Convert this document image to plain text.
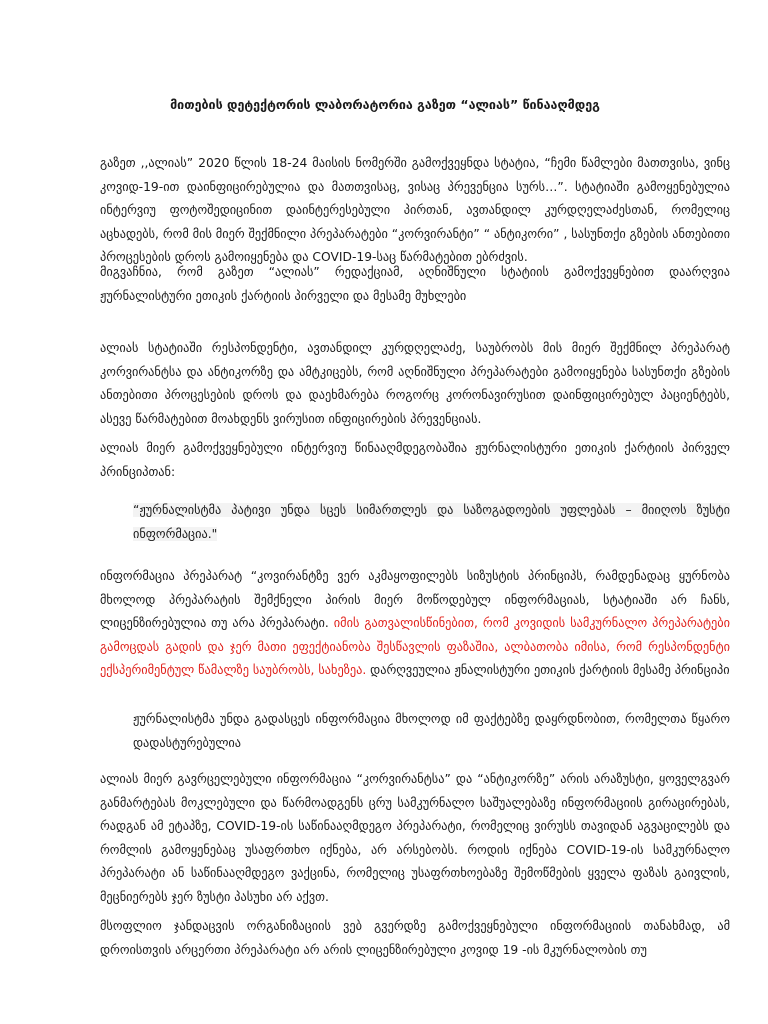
მითების დეტექტორის ლაბორატორია გაზეთ “ალიას” წინააღმდეგ
გაზეთ ,,ალიას” 2020 წლის 18-24 მაისის ნომერში გამოქვეყნდა სტატია, “ჩემი წამლები მათთვისა, ვინც კოვიდ-19-ით დაინფიცირებულია და მათთვისაც, ვისაც პრევენცია სურს…”. სტატიაში გამოყენებულია ინტერვიუ ფოტოშედიცინით დაინტერესებული პირთან, ავთანდილ კურდღელაძესთან, რომელიც აცხადებს, რომ მის მიერ შექმნილი პრეპარატები “კორვირანტი” “ ანტიკორი” , სასუნთქი გზების ანთებითი პროცესების დროს გამოიყენება და COVID-19-საც წარმატებით ებრძვის.
მიგვაჩნია, რომ გაზეთ “ალიას” რედაქციამ, აღნიშნული სტატიის გამოქვეყნებით დაარღვია ჟურნალისტური ეთიკის ქარტიის პირველი და მესამე მუხლები
ალიას სტატიაში რესპონდენტი, ავთანდილ კურდღელაძე, საუბრობს მის მიერ შექმნილ პრეპარატ კორვირანტსა და ანტიკორზე და ამტკიცებს, რომ აღნიშნული პრეპარატები გამოიყენება სასუნთქი გზების ანთებითი პროცესების დროს და დაეხმარება როგორც კორონავირუსით დაინფიცირებულ პაციენტებს, ასევე წარმატებით მოახდენს ვირუსით ინფიცირების პრევენციას.
ალიას მიერ გამოქვეყნებული ინტერვიუ წინააღმდეგობაშია ჟურნალისტური ეთიკის ქარტიის პირველ პრინციპთან:
“ჟურნალისტმა პატივი უნდა სცეს სიმართლეს და საზოგადოების უფლებას – მიიღოს ზუსტი ინფორმაცია."
ინფორმაცია პრეპარატ “კოვირანტზე ვერ აკმაყოფილებს სიზუსტის პრინციპს, რამდენადაც ყურნობა მხოლოდ პრეპარატის შემქნელი პირის მიერ მოწოდებულ ინფორმაციას, სტატიაში არ ჩანს, ლიცენზირებულია თუ არა პრეპარატი. იმის გათვალისწინებით, რომ კოვიდის სამკურნალო პრეპარატები გამოცდას გადის და ჯერ მათი ეფექტიანობა შესწავლის ფაზაშია, ალბათობა იმისა, რომ რესპონდენტი ექსპერიმენტულ წამალზე საუბრობს, სახეზეა. დარღვეულია ჟნალისტური ეთიკის ქარტიის მესამე პრინციპი
ჟურნალისტმა უნდა გადასცეს ინფორმაცია მხოლოდ იმ ფაქტებზე დაყრდნობით, რომელთა წყარო დადასტურებულია
ალიას მიერ გავრცელებული ინფორმაცია “კორვირანტსა” და “ანტიკორზე” არის არაზუსტი, ყოველგვარ განმარტებას მოკლებული და წარმოადგენს ცრუ სამკურნალო საშუალებაზე ინფორმაციის გირაცირებას, რადგან ამ ეტაპზე, COVID-19-ის საწინააღმდეგო პრეპარატი, რომელიც ვირუსს თავიდან აგვაცილებს და რომლის გამოყენებაც უსაფრთხო იქნება, არ არსებობს. როდის იქნება COVID-19-ის სამკურნალო პრეპარატი ან საწინააღმდეგო ვაქცინა, რომელიც უსაფრთხოებაზე შემოწმების ყველა ფაზას გაივლის, მეცნიერებს ჯერ ზუსტი პასუხი არ აქვთ.
მსოფლიო ჯანდაცვის ორგანიზაციის ვებ გვერდზე გამოქვეყნებული ინფორმაციის თანახმად, ამ დროისთვის არცერთი პრეპარატი არ არის ლიცენზირებული კოვიდ 19 -ის მკურნალობის თუ
